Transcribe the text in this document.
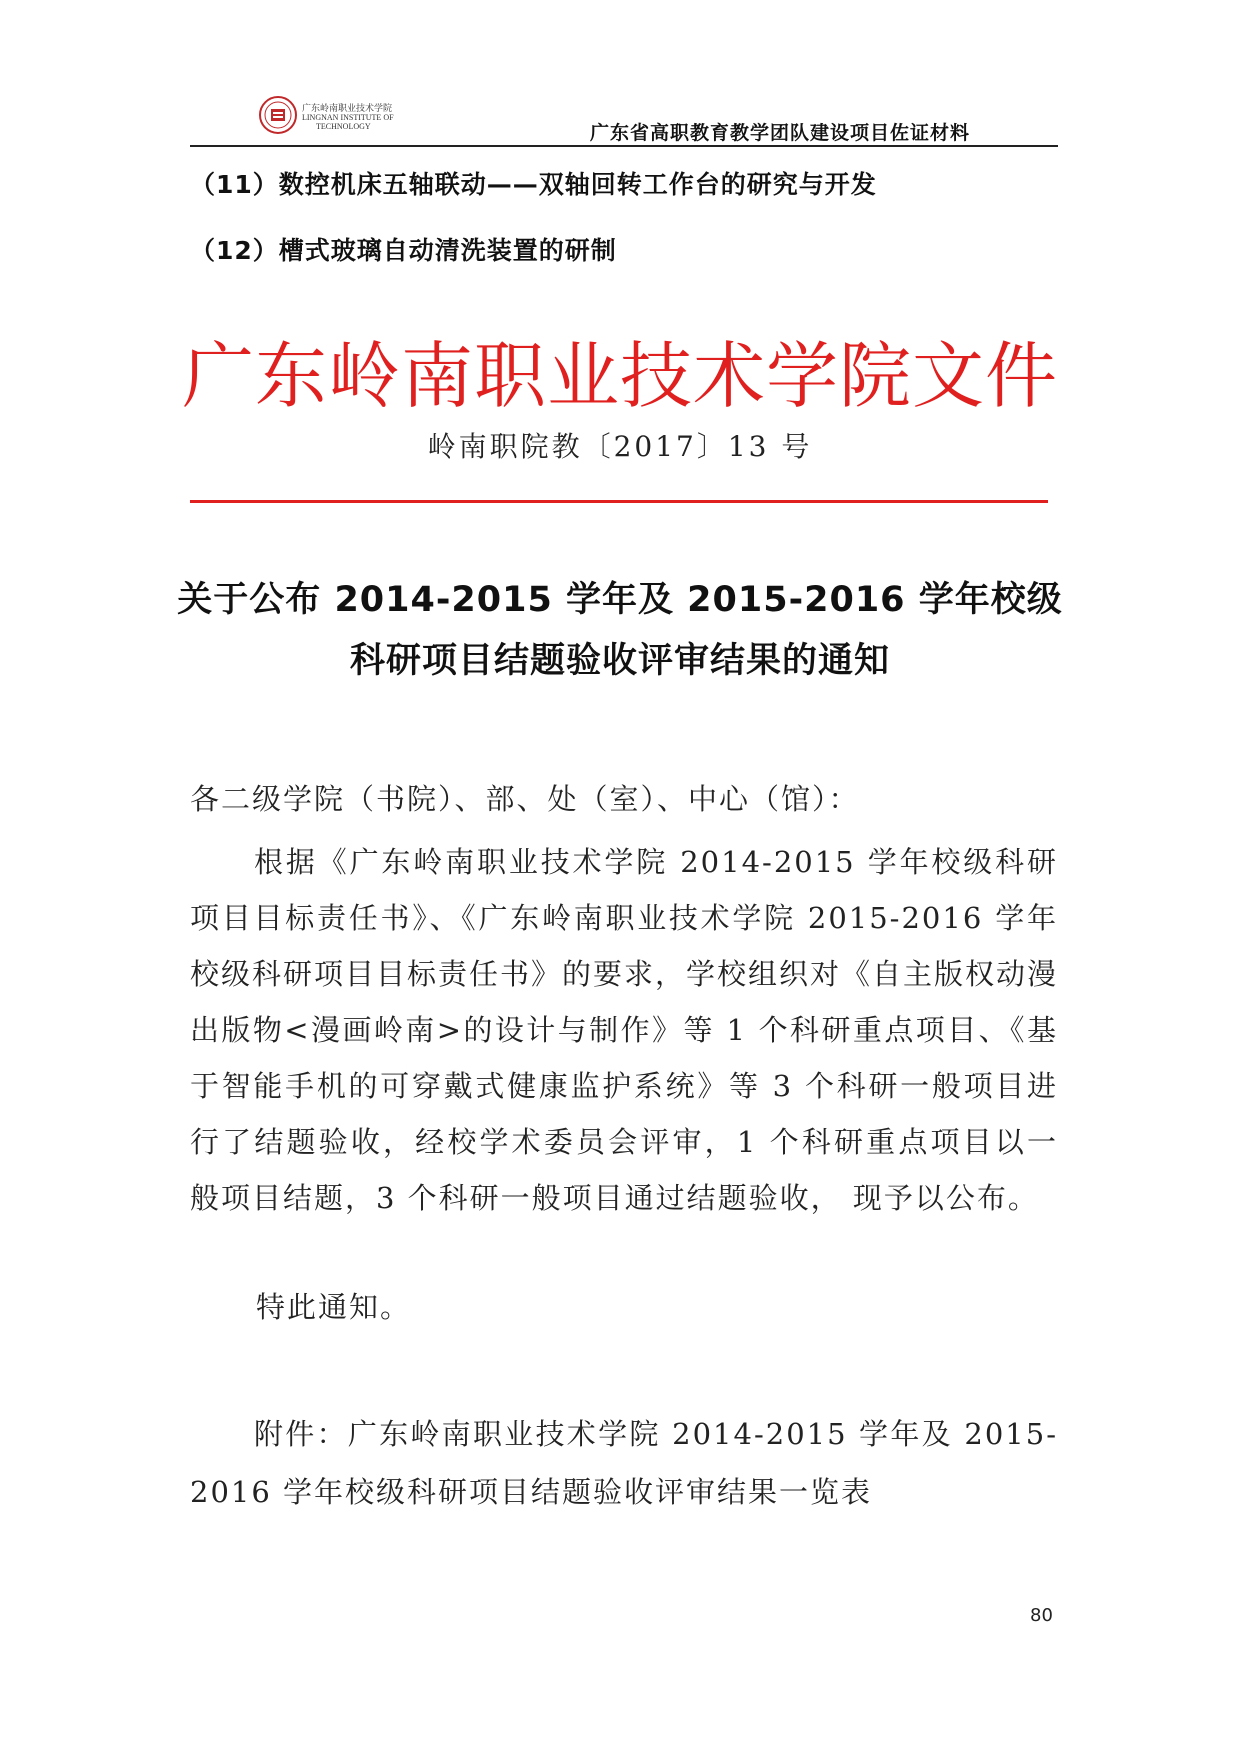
广东岭南职业技术学院
LINGNAN INSTITUTE OF
TECHNOLOGY	广东省高职教育教学团队建设项目佐证材料
（11）数控机床五轴联动——双轴回转工作台的研究与开发
（12）槽式玻璃自动清洗装置的研制
广东岭南职业技术学院文件
岭南职院教〔2017〕13 号
关于公布 2014-2015 学年及 2015-2016 学年校级
科研项目结题验收评审结果的通知
各二级学院（书院）、部、处（室）、中心（馆）：
根据《广东岭南职业技术学院 2014-2015 学年校级科研项目目标责任书》、《广东岭南职业技术学院 2015-2016 学年校级科研项目目标责任书》的要求，学校组织对《自主版权动漫出版物<漫画岭南>的设计与制作》等 1 个科研重点项目、《基于智能手机的可穿戴式健康监护系统》等 3 个科研一般项目进行了结题验收，经校学术委员会评审，1 个科研重点项目以一般项目结题，3 个科研一般项目通过结题验收， 现予以公布。
特此通知。
附件：广东岭南职业技术学院 2014-2015 学年及 2015-2016 学年校级科研项目结题验收评审结果一览表
80
